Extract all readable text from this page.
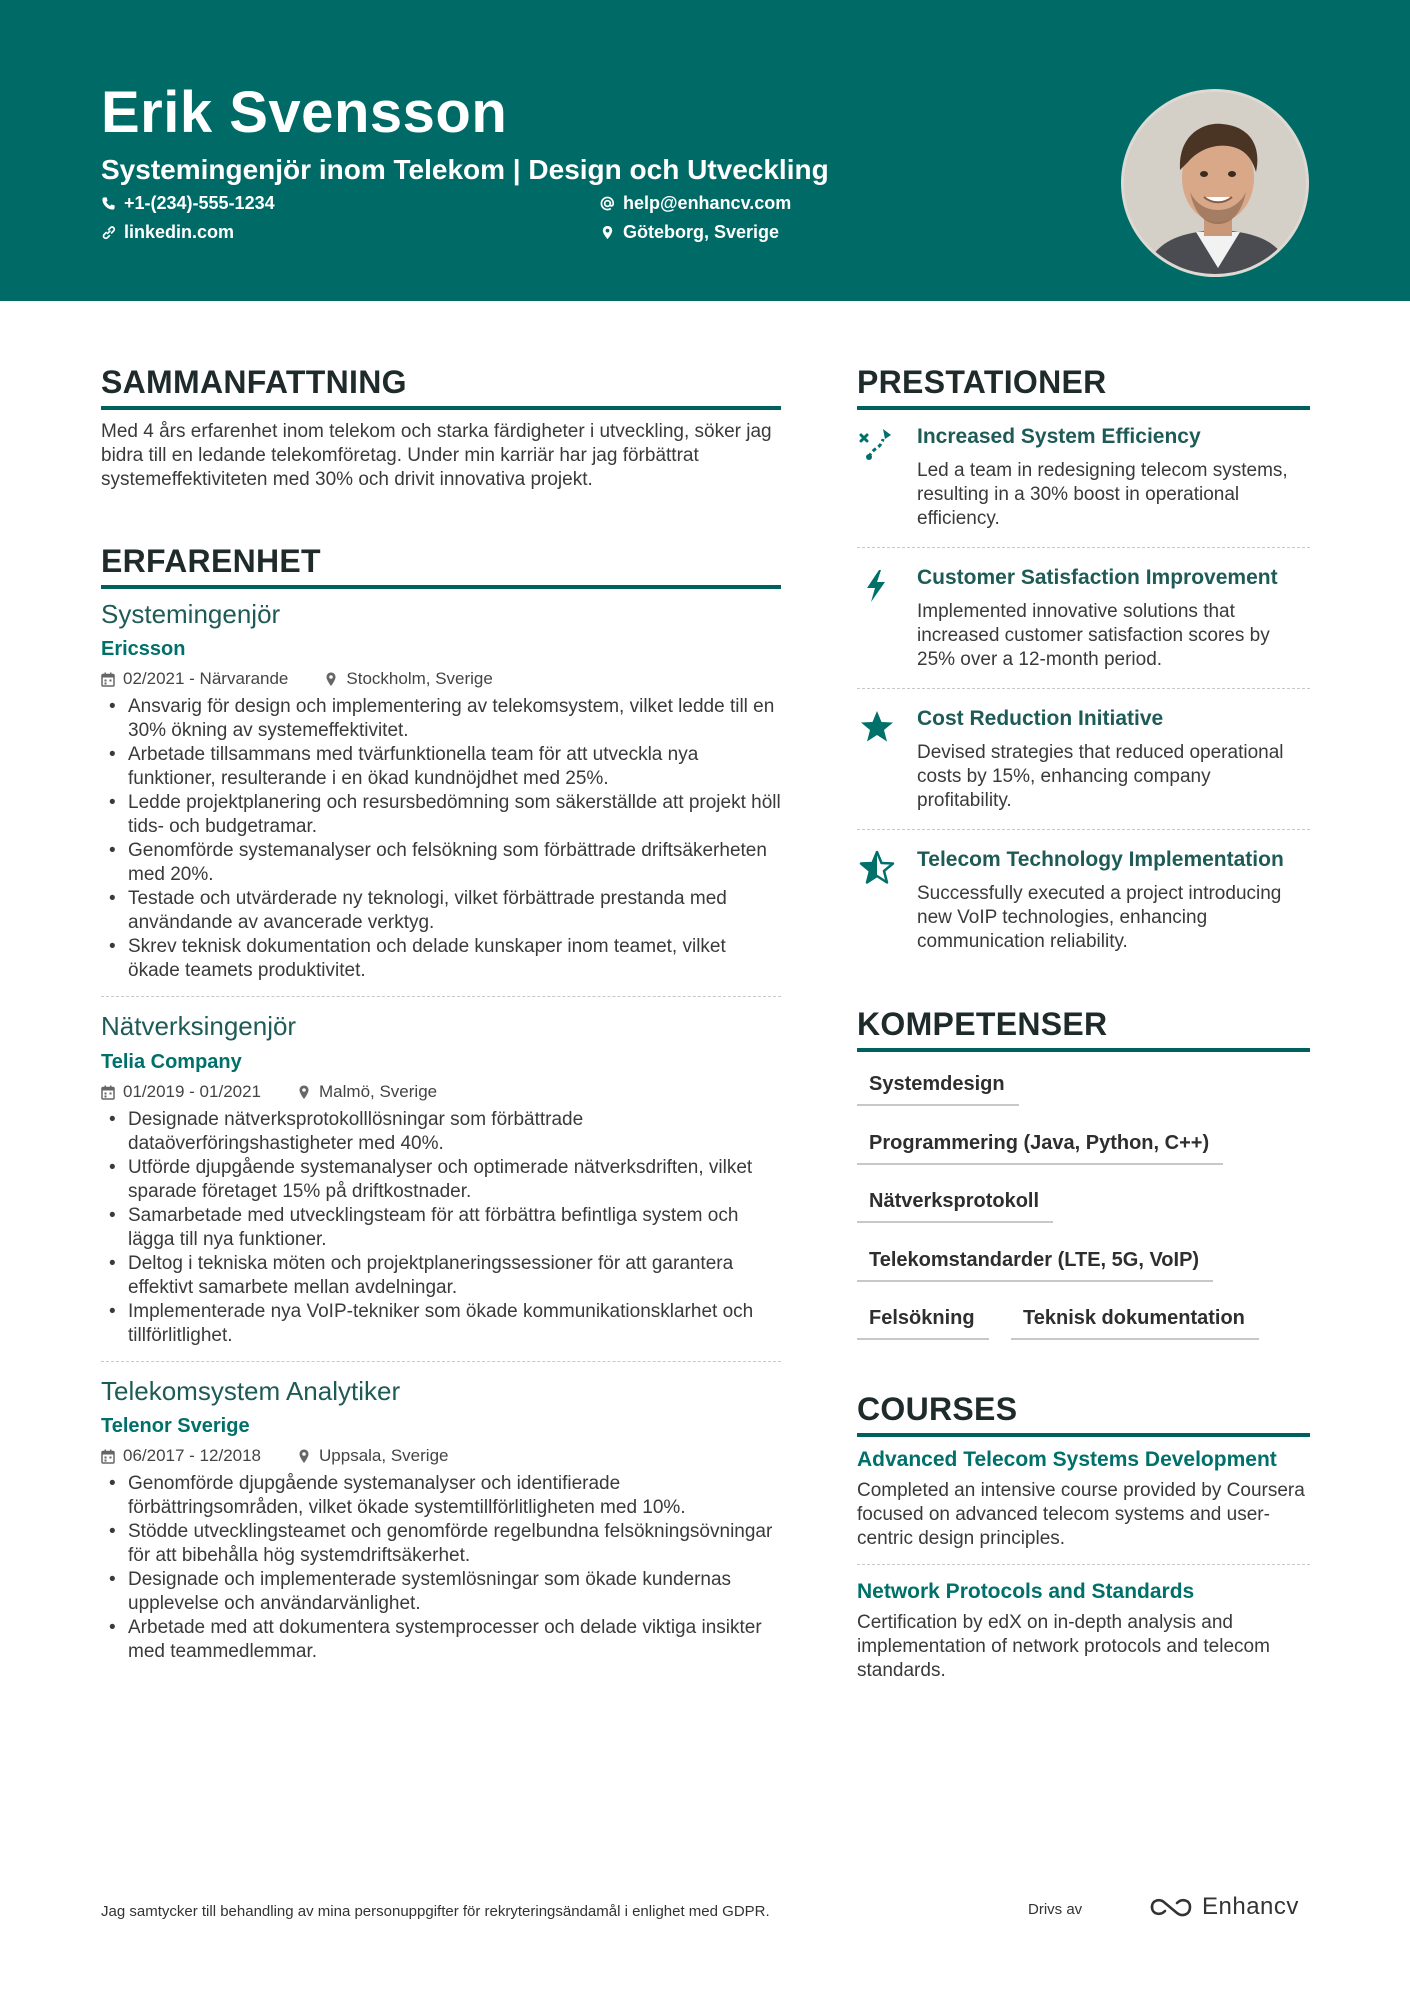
Erik Svensson
Systemingenjör inom Telekom | Design och Utveckling
+1-(234)-555-1234	help@enhancv.com
linkedin.com	Göteborg, Sverige
SAMMANFATTNING
Med 4 års erfarenhet inom telekom och starka färdigheter i utveckling, söker jag bidra till en ledande telekomföretag. Under min karriär har jag förbättrat systemeffektiviteten med 30% och drivit innovativa projekt.
ERFARENHET
Systemingenjör
Ericsson
02/2021 - Närvarande	Stockholm, Sverige
• Ansvarig för design och implementering av telekomsystem, vilket ledde till en 30% ökning av systemeffektivitet.
• Arbetade tillsammans med tvärfunktionella team för att utveckla nya funktioner, resulterande i en ökad kundnöjdhet med 25%.
• Ledde projektplanering och resursbedömning som säkerställde att projekt höll tids- och budgetramar.
• Genomförde systemanalyser och felsökning som förbättrade driftsäkerheten med 20%.
• Testade och utvärderade ny teknologi, vilket förbättrade prestanda med användande av avancerade verktyg.
• Skrev teknisk dokumentation och delade kunskaper inom teamet, vilket ökade teamets produktivitet.
Nätverksingenjör
Telia Company
01/2019 - 01/2021	Malmö, Sverige
• Designade nätverksprotokolllösningar som förbättrade dataöverföringshastigheter med 40%.
• Utförde djupgående systemanalyser och optimerade nätverksdriften, vilket sparade företaget 15% på driftkostnader.
• Samarbetade med utvecklingsteam för att förbättra befintliga system och lägga till nya funktioner.
• Deltog i tekniska möten och projektplaneringssessioner för att garantera effektivt samarbete mellan avdelningar.
• Implementerade nya VoIP-tekniker som ökade kommunikationsklarhet och tillförlitlighet.
Telekomsystem Analytiker
Telenor Sverige
06/2017 - 12/2018	Uppsala, Sverige
• Genomförde djupgående systemanalyser och identifierade förbättringsområden, vilket ökade systemtillförlitligheten med 10%.
• Stödde utvecklingsteamet och genomförde regelbundna felsökningsövningar för att bibehålla hög systemdriftsäkerhet.
• Designade och implementerade systemlösningar som ökade kundernas upplevelse och användarvänlighet.
• Arbetade med att dokumentera systemprocesser och delade viktiga insikter med teammedlemmar.
PRESTATIONER
Increased System Efficiency
Led a team in redesigning telecom systems, resulting in a 30% boost in operational efficiency.
Customer Satisfaction Improvement
Implemented innovative solutions that increased customer satisfaction scores by 25% over a 12-month period.
Cost Reduction Initiative
Devised strategies that reduced operational costs by 15%, enhancing company profitability.
Telecom Technology Implementation
Successfully executed a project introducing new VoIP technologies, enhancing communication reliability.
KOMPETENSER
Systemdesign
Programmering (Java, Python, C++)
Nätverksprotokoll
Telekomstandarder (LTE, 5G, VoIP)
Felsökning	Teknisk dokumentation
COURSES
Advanced Telecom Systems Development
Completed an intensive course provided by Coursera focused on advanced telecom systems and user-centric design principles.
Network Protocols and Standards
Certification by edX on in-depth analysis and implementation of network protocols and telecom standards.
Jag samtycker till behandling av mina personuppgifter för rekryteringsändamål i enlighet med GDPR.	Drivs av	Enhancv
